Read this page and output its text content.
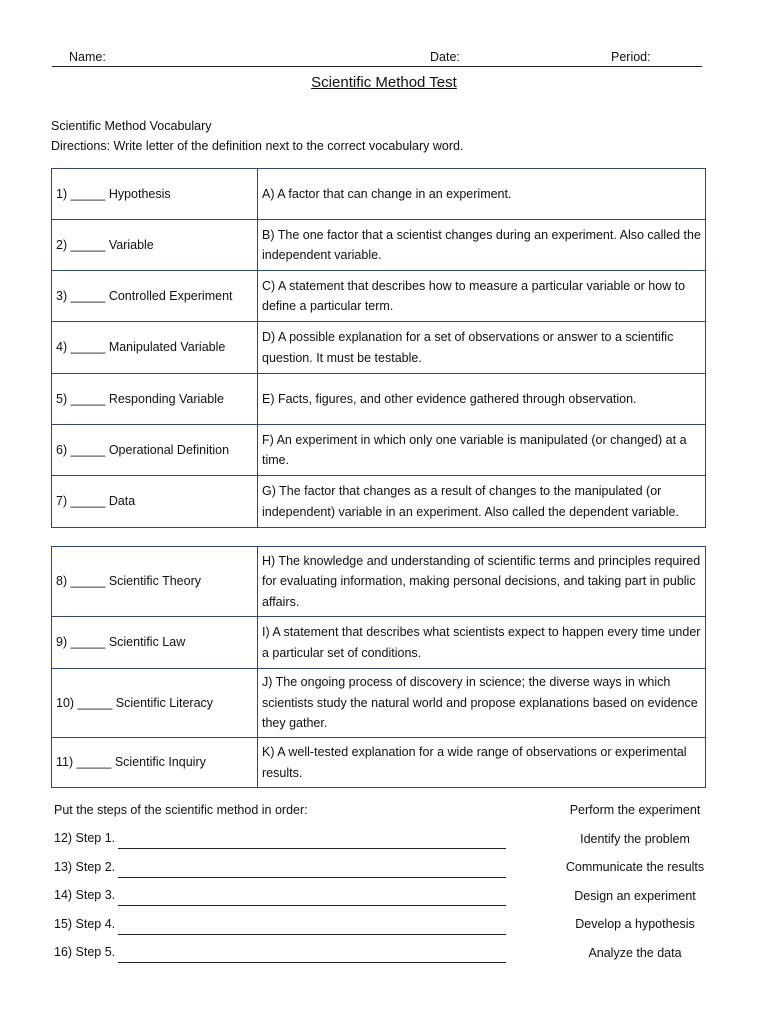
Name:	Date:	Period:
Scientific Method Test
Scientific Method Vocabulary
Directions: Write letter of the definition next to the correct vocabulary word.
1) _____ Hypothesis	A) A factor that can change in an experiment.
2) _____ Variable	B) The one factor that a scientist changes during an experiment. Also called the independent variable.
3) _____ Controlled Experiment	C) A statement that describes how to measure a particular variable or how to define a particular term.
4) _____ Manipulated Variable	D) A possible explanation for a set of observations or answer to a scientific question. It must be testable.
5) _____ Responding Variable	E) Facts, figures, and other evidence gathered through observation.
6) _____ Operational Definition	F) An experiment in which only one variable is manipulated (or changed) at a time.
7) _____ Data	G) The factor that changes as a result of changes to the manipulated (or independent) variable in an experiment. Also called the dependent variable.
8) _____ Scientific Theory	H) The knowledge and understanding of scientific terms and principles required for evaluating information, making personal decisions, and taking part in public affairs.
9) _____ Scientific Law	I) A statement that describes what scientists expect to happen every time under a particular set of conditions.
10) _____ Scientific Literacy	J) The ongoing process of discovery in science; the diverse ways in which scientists study the natural world and propose explanations based on evidence they gather.
11) _____ Scientific Inquiry	K) A well-tested explanation for a wide range of observations or experimental results.
Put the steps of the scientific method in order:
12) Step 1.
13) Step 2.
14) Step 3.
15) Step 4.
16) Step 5.
Perform the experiment
Identify the problem
Communicate the results
Design an experiment
Develop a hypothesis
Analyze the data
